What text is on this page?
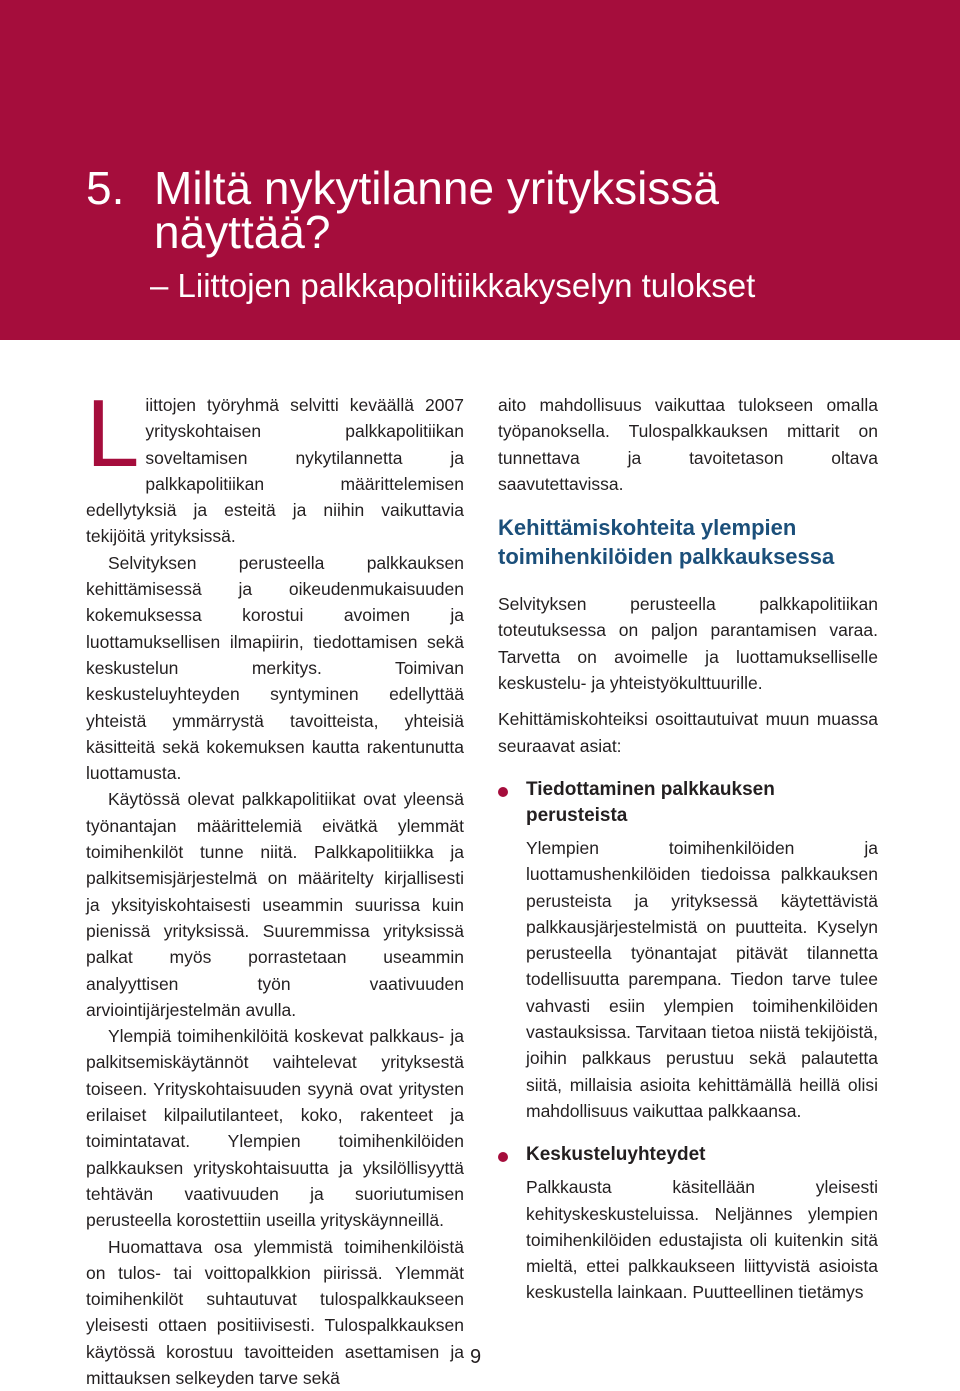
5. Miltä nykytilanne yrityksissä
näyttää?
– Liittojen palkkapolitiikkakyselyn tulokset

Liittojen työryhmä selvitti keväällä 2007 yrityskohtaisen palkkapolitiikan soveltamisen nykytilannetta ja palkkapolitiikan määrittelemisen edellytyksiä ja esteitä ja niihin vaikuttavia tekijöitä yrityksissä.

Selvityksen perusteella palkkauksen kehittämisessä ja oikeudenmukaisuuden kokemuksessa korostui avoimen ja luottamuksellisen ilmapiirin, tiedottamisen sekä keskustelun merkitys. Toimivan keskusteluyhteyden syntyminen edellyttää yhteistä ymmärrystä tavoitteista, yhteisiä käsitteitä sekä kokemuksen kautta rakentunutta luottamusta.

Käytössä olevat palkkapolitiikat ovat yleensä työnantajan määrittelemiä eivätkä ylemmät toimihenkilöt tunne niitä. Palkkapolitiikka ja palkitsemisjärjestelmä on määritelty kirjallisesti ja yksityiskohtaisesti useammin suurissa kuin pienissä yrityksissä. Suuremmissa yrityksissä palkat myös porrastetaan useammin analyyttisen työn vaativuuden arviointijärjestelmän avulla.

Ylempiä toimihenkilöitä koskevat palkkaus- ja palkitsemiskäytännöt vaihtelevat yrityksestä toiseen. Yrityskohtaisuuden syynä ovat yritysten erilaiset kilpailutilanteet, koko, rakenteet ja toimintatavat. Ylempien toimihenkilöiden palkkauksen yrityskohtaisuutta ja yksilöllisyyttä tehtävän vaativuuden ja suoriutumisen perusteella korostettiin useilla yrityskäynneillä.

Huomattava osa ylemmistä toimihenkilöistä on tulos- tai voittopalkkion piirissä. Ylemmät toimihenkilöt suhtautuvat tulospalkkaukseen yleisesti ottaen positiivisesti. Tulospalkkauksen käytössä korostuu tavoitteiden asettamisen ja mittauksen selkeyden tarve sekä

aito mahdollisuus vaikuttaa tulokseen omalla työpanoksella. Tulospalkkauksen mittarit on tunnettava ja tavoitetason oltava saavutettavissa.

Kehittämiskohteita ylempien toimihenkilöiden palkkauksessa

Selvityksen perusteella palkkapolitiikan toteutuksessa on paljon parantamisen varaa. Tarvetta on avoimelle ja luottamukselliselle keskustelu- ja yhteistyökulttuurille.

Kehittämiskohteiksi osoittautuivat muun muassa seuraavat asiat:

Tiedottaminen palkkauksen perusteista

Ylempien toimihenkilöiden ja luottamushenkilöiden tiedoissa palkkauksen perusteista ja yrityksessä käytettävistä palkkausjärjestelmistä on puutteita. Kyselyn perusteella työnantajat pitävät tilannetta todellisuutta parempana. Tiedon tarve tulee vahvasti esiin ylempien toimihenkilöiden vastauksissa. Tarvitaan tietoa niistä tekijöistä, joihin palkkaus perustuu sekä palautetta siitä, millaisia asioita kehittämällä heillä olisi mahdollisuus vaikuttaa palkkaansa.

Keskusteluyhteydet

Palkkausta käsitellään yleisesti kehityskeskusteluissa. Neljännes ylempien toimihenkilöiden edustajista oli kuitenkin sitä mieltä, ettei palkkaukseen liittyvistä asioista keskustella lainkaan. Puutteellinen tietämys

9
